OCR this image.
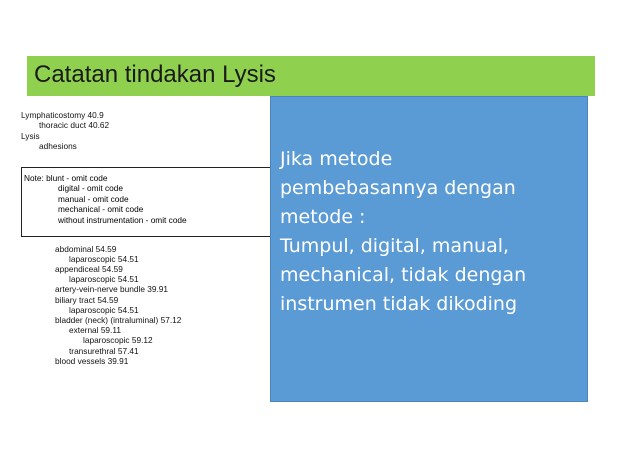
Catatan tindakan Lysis
Lymphaticostomy 40.9
thoracic duct 40.62
Lysis
adhesions
abdominal 54.59
laparoscopic 54.51
appendiceal 54.59
laparoscopic 54.51
artery-vein-nerve bundle 39.91
biliary tract 54.59
laparoscopic 54.51
bladder (neck) (intraluminal) 57.12
external 59.11
laparoscopic 59.12
transurethral 57.41
blood vessels 39.91
Note: blunt - omit code
digital - omit code
manual - omit code
mechanical - omit code
without instrumentation - omit code
Jika metode
pembebasannya dengan
metode :
Tumpul, digital, manual,
mechanical, tidak dengan
instrumen tidak dikoding
